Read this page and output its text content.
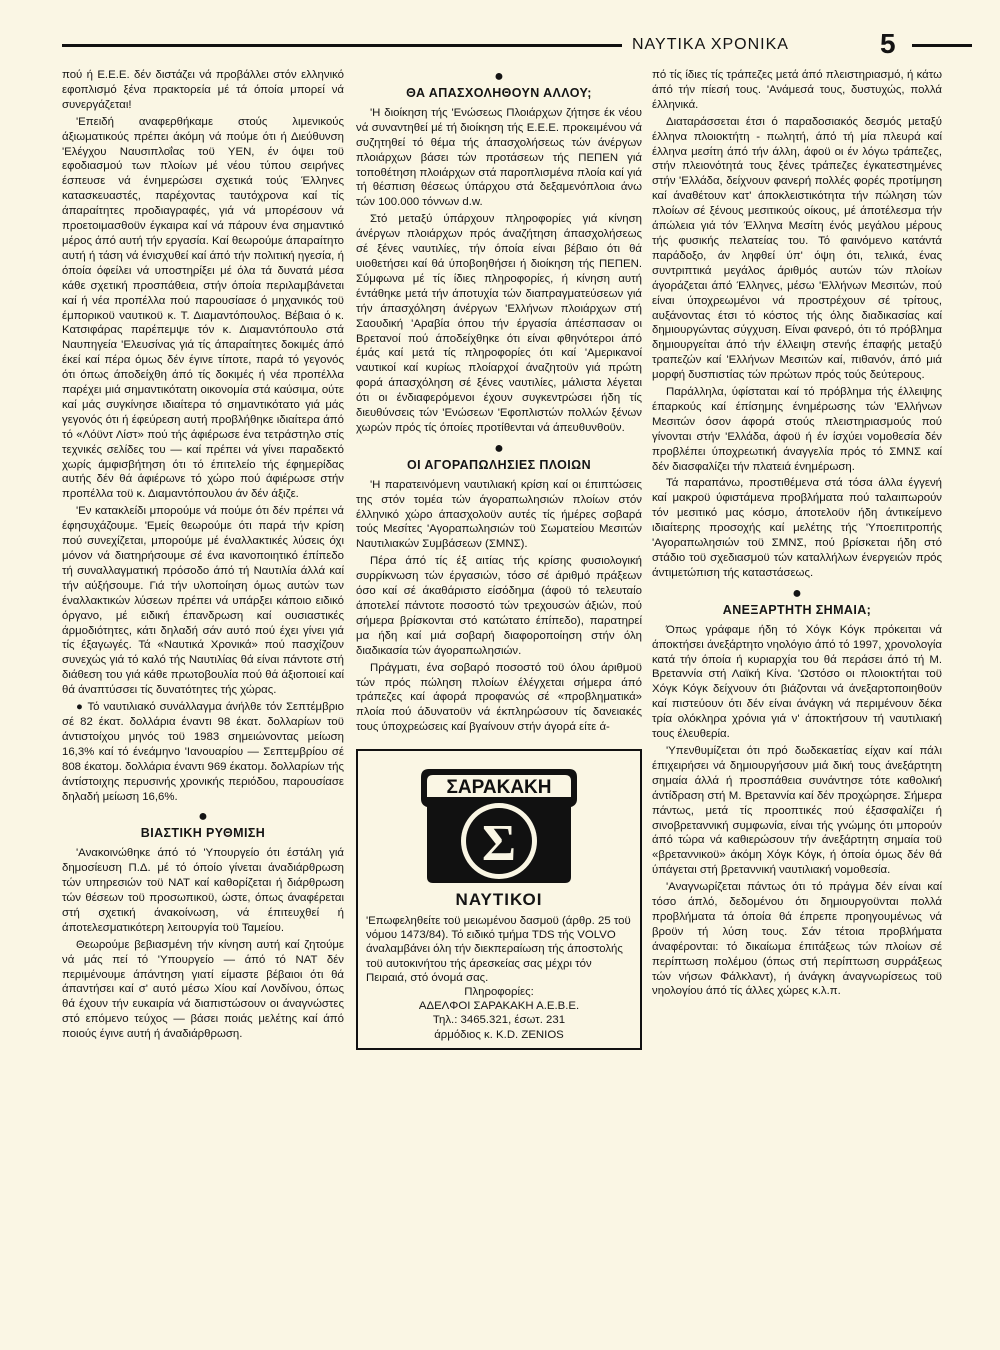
ΝΑΥΤΙΚΑ ΧΡΟΝΙΚΑ	5

πού ή Ε.Ε.Ε. δέν διστάζει νά προβάλλει στόν ελληνικό εφοπλισμό ξένα πρακτορεία μέ τά όποία μπορεί νά συνεργάζεται!

'Επειδή αναφερθήκαμε στούς λιμενικούς άξιωματικούς πρέπει άκόμη νά πούμε ότι ή Διεύθυνση 'Ελέγχου Ναυσιπλοΐας τοϋ ΥΕΝ, έν όψει τοϋ εφοδιασμού των πλοίων μέ νέου τύπου σειρήνες έσπευσε νά ένημερώσει σχετικά τούς Έλληνες κατασκευαστές, παρέχοντας ταυτόχρονα καί τίς άπαραίτητες προδιαγραφές, γιά νά μπορέσουν νά προετοιμασθοϋν έγκαιρα καί νά πάρουν ένα σημαντικό μέρος άπό αυτή τήν εργασία. Καί θεωρούμε άπαραίτητο αυτή ή τάση νά ένισχυθεί καί άπό τήν πολιτική ηγεσία, ή όποία όφείλει νά υποστηρίξει μέ όλα τά δυνατά μέσα κάθε σχετική προσπάθεια, στήν όποία περιλαμβάνεται καί ή νέα προπέλλα πού παρουσίασε ό μηχανικός τοϋ έμπορικοϋ ναυτικοϋ κ. Τ. Διαμαντόπουλος. Βέβαια ό κ. Κατσιφάρας παρέπεμψε τόν κ. Διαμαντόπουλο στά Ναυπηγεία 'Ελευσίνας γιά τίς άπαραίτητες δοκιμές άπό έκεί καί πέρα όμως δέν έγινε τίποτε, παρά τό γεγονός ότι όπως άποδείχθη άπό τίς δοκιμές ή νέα προπέλλα παρέχει μιά σημαντικότατη οικονομία στά καύσιμα, ούτε καί μάς συγκίνησε ιδιαίτερα τό σημαντικότατο γιά μάς γεγονός ότι ή έφεύρεση αυτή προβλήθηκε ιδιαίτερα άπό τό «Λόϋντ Λίστ» πού τής άφιέρωσε ένα τετράστηλο στίς τεχνικές σελίδες του — καί πρέπει νά γίνει παραδεκτό χωρίς άμφισβήτηση ότι τό έπιτελείο τής έφημερίδας αυτής δέν θά άφιέρωνε τό χώρο πού άφιέρωσε στήν προπέλλα τοϋ κ. Διαμαντόπουλου άν δέν άξιζε.

'Εν κατακλείδι μπορούμε νά πούμε ότι δέν πρέπει νά έφησυχάζουμε. 'Εμείς θεωρούμε ότι παρά τήν κρίση πού συνεχίζεται, μπορούμε μέ έναλλακτικές λύσεις όχι μόνον νά διατηρήσουμε σέ ένα ικανοποιητικό έπίπεδο τή συναλλαγματική πρόσοδο άπό τή Ναυτιλία άλλά καί τήν αύξήσουμε. Γιά τήν υλοποίηση όμως αυτών των έναλλακτικών λύσεων πρέπει νά υπάρξει κάποιο ειδικό όργανο, μέ ειδική έπανδρωση καί ουσιαστικές άρμοδιότητες, κάτι δηλαδή σάν αυτό πού έχει γίνει γιά τίς έξαγωγές. Τά «Ναυτικά Χρονικά» πού πασχίζουν συνεχώς γιά τό καλό τής Ναυτιλίας θά είναι πάντοτε στή διάθεση του γιά κάθε πρωτοβουλία πού θά άξιοποιεί καί θά άναπτύσσει τίς δυνατότητες τής χώρας.

● Τό ναυτιλιακό συνάλλαγμα άνήλθε τόν Σεπτέμβριο σέ 82 έκατ. δολλάρια έναντι 98 έκατ. δολλαρίων τοϋ άντιστοίχου μηνός τοϋ 1983 σημειώνοντας μείωση 16,3% καί τό ένεάμηνο 'Ιανουαρίου — Σεπτεμβρίου σέ 808 έκατομ. δολλάρια έναντι 969 έκατομ. δολλαρίων τής άντίστοιχης περυσινής χρονικής περιόδου, παρουσίασε δηλαδή μείωση 16,6%.

●
ΒΙΑΣΤΙΚΗ ΡΥΘΜΙΣΗ

'Ανακοινώθηκε άπό τό 'Υπουργείο ότι έστάλη γιά δημοσίευση Π.Δ. μέ τό όποίο γίνεται άναδιάρθρωση τών υπηρεσιών τοϋ ΝΑΤ καί καθορίζεται ή διάρθρωση τών θέσεων τοϋ προσωπικοϋ, ώστε, όπως άναφέρεται στή σχετική άνακοίνωση, νά έπιτευχθεί ή άποτελεσματικότερη λειτουργία τοϋ Ταμείου.

Θεωρούμε βεβιασμένη τήν κίνηση αυτή καί ζητούμε νά μάς πεί τό 'Υπουργείο — άπό τό ΝΑΤ δέν περιμένουμε άπάντηση γιατί είμαστε βέβαιοι ότι θά άπαντήσει καί σ' αυτό μέσω Χίου καί Λονδίνου, όπως θά έχουν τήν ευκαιρία νά διαπιστώσουν οι άναγνώστες στό επόμενο τεύχος — βάσει ποιάς μελέτης καί άπό ποιούς έγινε αυτή ή άναδιάρθρωση.

●
ΘΑ ΑΠΑΣΧΟΛΗΘΟΥΝ ΑΛΛΟΥ;

'Η διοίκηση τής 'Ενώσεως Πλοιάρχων ζήτησε έκ νέου νά συναντηθεί μέ τή διοίκηση τής Ε.Ε.Ε. προκειμένου νά συζητηθεί τό θέμα τής άπασχολήσεως τών άνέργων πλοιάρχων βάσει τών προτάσεων τής ΠΕΠΕΝ γιά τοποθέτηση πλοιάρχων στά παροπλισμένα πλοία καί γιά τή θέσπιση θέσεως ύπάρχου στά δεξαμενόπλοια άνω τών 100.000 τόννων d.w.

Στό μεταξύ ύπάρχουν πληροφορίες γιά κίνηση άνέργων πλοιάρχων πρός άναζήτηση άπασχολήσεως σέ ξένες ναυτιλίες, τήν όποία είναι βέβαιο ότι θά υιοθετήσει καί θά ύποβοηθήσει ή διοίκηση τής ΠΕΠΕΝ. Σύμφωνα μέ τίς ίδιες πληροφορίες, ή κίνηση αυτή έντάθηκε μετά τήν άποτυχία τών διαπραγματεύσεων γιά τήν άπασχόληση άνέργων 'Ελλήνων πλοιάρχων στή Σαουδική 'Αραβία όπου τήν έργασία άπέσπασαν οι Βρετανοί πού άποδείχθηκε ότι είναι φθηνότεροι άπό έμάς καί μετά τίς πληροφορίες ότι καί 'Αμερικανοί ναυτικοί καί κυρίως πλοίαρχοί άναζητοϋν γιά πρώτη φορά άπασχόληση σέ ξένες ναυτιλίες, μάλιστα λέγεται ότι οι ένδιαφερόμενοι έχουν συγκεντρώσει ήδη τίς διευθύνσεις τών 'Ενώσεων 'Εφοπλιστών πολλών ξένων χωρών πρός τίς όποίες προτίθενται νά άπευθυνθοϋν.

●
ΟΙ ΑΓΟΡΑΠΩΛΗΣΙΕΣ ΠΛΟΙΩΝ

'Η παρατεινόμενη ναυτιλιακή κρίση καί οι έπιπτώσεις της στόν τομέα τών άγοραπωλησιών πλοίων στόν έλληνικό χώρο άπασχολοϋν αυτές τίς ήμέρες σοβαρά τούς Μεσίτες 'Αγοραπωλησιών τοϋ Σωματείου Μεσιτών Ναυτιλιακών Συμβάσεων (ΣΜΝΣ).

Πέρα άπό τίς έξ αιτίας τής κρίσης φυσιολογική συρρίκνωση τών έργασιών, τόσο σέ άριθμό πράξεων όσο καί σέ άκαθάριστο είσόδημα (άφοϋ τό τελευταίο άποτελεί πάντοτε ποσοστό τών τρεχουσών άξιών, πού σήμερα βρίσκονται στό κατώτατο έπίπεδο), παρατηρεί μα ήδη καί μιά σοβαρή διαφοροποίηση στήν όλη διαδικασία τών άγοραπωλησιών.

Πράγματι, ένα σοβαρό ποσοστό τοϋ όλου άριθμοϋ τών πρός πώληση πλοίων έλέγχεται σήμερα άπό τράπεζες καί άφορά προφανώς σέ «προβληματικά» πλοία πού άδυνατοϋν νά έκπληρώσουν τίς δανειακές τους ύποχρεώσεις καί βγαίνουν στήν άγορά είτε ά-

ΣΑΡΑΚΑΚΗ
Σ
ΝΑΥΤΙΚΟΙ
'Επωφεληθείτε τοϋ μειωμένου δασμοϋ (άρθρ. 25 τοϋ νόμου 1473/84). Τό ειδικό τμήμα TDS τής VOLVO άναλαμβάνει όλη τήν διεκπεραίωση τής άποστολής τοϋ αυτοκινήτου τής άρεσκείας σας μέχρι τόν Πειραιά, στό όνομά σας.
Πληροφορίες:
ΑΔΕΛΦΟΙ ΣΑΡΑΚΑΚΗ Α.Ε.Β.Ε.
Τηλ.: 3465.321, έσωτ. 231
άρμόδιος κ. K.D. ZENIOS

πό τίς ίδιες τίς τράπεζες μετά άπό πλειστηριασμό, ή κάτω άπό τήν πίεσή τους. 'Ανάμεσά τους, δυστυχώς, πολλά έλληνικά.

Διαταράσσεται έτσι ό παραδοσιακός δεσμός μεταξύ έλληνα πλοιοκτήτη - πωλητή, άπό τή μία πλευρά καί έλληνα μεσίτη άπό τήν άλλη, άφοϋ οι έν λόγω τράπεζες, στήν πλειονότητά τους ξένες τράπεζες έγκατεστημένες στήν 'Ελλάδα, δείχνουν φανερή πολλές φορές προτίμηση καί άναθέτουν κατ' άποκλειστικότητα τήν πώληση τών πλοίων σέ ξένους μεσιτικούς οίκους, μέ άποτέλεσμα τήν άπώλεια γιά τόν Έλληνα Μεσίτη ένός μεγάλου μέρους τής φυσικής πελατείας του. Τό φαινόμενο κατάντά παράδοξο, άν ληφθεί ύπ' όψη ότι, τελικά, ένας συντριπτικά μεγάλος άριθμός αυτών τών πλοίων άγοράζεται άπό Έλληνες, μέσω 'Ελλήνων Μεσιτών, πού είναι ύποχρεωμένοι νά προστρέχουν σέ τρίτους, αυξάνοντας έτσι τό κόστος τής όλης διαδικασίας καί δημιουργώντας σύγχυση. Είναι φανερό, ότι τό πρόβλημα δημιουργείται άπό τήν έλλειψη στενής έπαφής μεταξύ τραπεζών καί 'Ελλήνων Μεσιτών καί, πιθανόν, άπό μιά μορφή δυσπιστίας τών πρώτων πρός τούς δεύτερους.

Παράλληλα, ύφίσταται καί τό πρόβλημα τής έλλειψης έπαρκούς καί έπίσημης ένημέρωσης τών 'Ελλήνων Μεσιτών όσον άφορά στούς πλειστηριασμούς πού γίνονται στήν 'Ελλάδα, άφοϋ ή έν ίσχύει νομοθεσία δέν προβλέπει ύποχρεωτική άναγγελία πρός τό ΣΜΝΣ καί δέν διασφαλίζει τήν πλατειά ένημέρωση.

Τά παραπάνω, προστιθέμενα στά τόσα άλλα έγγενή καί μακροϋ ύφιστάμενα προβλήματα πού ταλαιπωρούν τόν μεσιτικό μας κόσμο, άποτελοϋν ήδη άντικείμενο ιδιαίτερης προσοχής καί μελέτης τής 'Υποεπιτροπής 'Αγοραπωλησιών τοϋ ΣΜΝΣ, πού βρίσκεται ήδη στό στάδιο τοϋ σχεδιασμοϋ τών καταλλήλων ένεργειών πρός άντιμετώπιση τής καταστάσεως.

●
ΑΝΕΞΑΡΤΗΤΗ ΣΗΜΑΙΑ;

Όπως γράφαμε ήδη τό Χόγκ Κόγκ πρόκειται νά άποκτήσει άνεξάρτητο νηολόγιο άπό τό 1997, χρονολογία κατά τήν όποία ή κυριαρχία του θά περάσει άπό τή Μ. Βρεταννία στή Λαϊκή Κίνα. 'Ωστόσο οι πλοιοκτήται τοϋ Χόγκ Κόγκ δείχνουν ότι βιάζονται νά άνεξαρτοποιηθοϋν καί πιστεύουν ότι δέν είναι άνάγκη νά περιμένουν δέκα τρία ολόκληρα χρόνια γιά ν' άποκτήσουν τή ναυτιλιακή τους έλευθερία.

'Υπενθυμίζεται ότι πρό δωδεκαετίας είχαν καί πάλι έπιχειρήσει νά δημιουργήσουν μιά δική τους άνεξάρτητη σημαία άλλά ή προσπάθεια συνάντησε τότε καθολική άντίδραση στή Μ. Βρεταννία καί δέν προχώρησε. Σήμερα πάντως, μετά τίς προοπτικές πού έξασφαλίζει ή σινοβρεταννική συμφωνία, είναι τής γνώμης ότι μπορούν άπό τώρα νά καθιερώσουν τήν άνεξάρτητη σημαία τοϋ «βρεταννικοϋ» άκόμη Χόγκ Κόγκ, ή όποία όμως δέν θά ύπάγεται στή βρεταννική ναυτιλιακή νομοθεσία.

'Αναγνωρίζεται πάντως ότι τό πράγμα δέν είναι καί τόσο άπλό, δεδομένου ότι δημιουργοϋνται πολλά προβλήματα τά όποία θά έπρεπε προηγουμένως νά βροϋν τή λύση τους. Σάν τέτοια προβλήματα άναφέρονται: τό δικαίωμα έπιτάξεως τών πλοίων σέ περίπτωση πολέμου (όπως στή περίπτωση συρράξεως τών νήσων Φάλκλαντ), ή άνάγκη άναγνωρίσεως τοϋ νηολογίου άπό τίς άλλες χώρες κ.λ.π.
